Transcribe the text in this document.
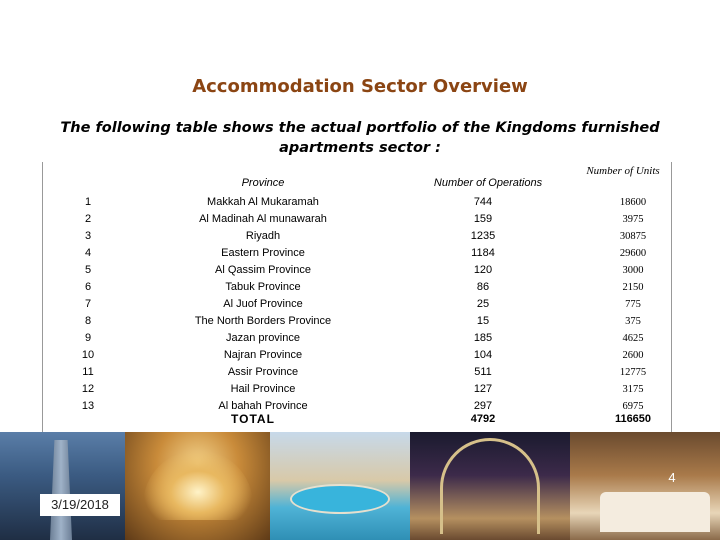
Accommodation Sector Overview
The following table shows the actual portfolio of the Kingdoms furnished apartments sector :
Province	Number of Operations
Number of Units
1	Makkah Al Mukaramah	744	18600
2	Al Madinah Al munawarah	159	3975
3	Riyadh	1235	30875
4	Eastern Province	1184	29600
5	Al Qassim Province	120	3000
6	Tabuk Province	86	2150
7	Al Juof Province	25	775
8	The North Borders Province	15	375
9	Jazan province	185	4625
10	Najran Province	104	2600
11	Assir Province	511	12775
12	Hail Province	127	3175
13	Al bahah Province	297	6975
TOTAL	4792	116650
3/19/2018
4
